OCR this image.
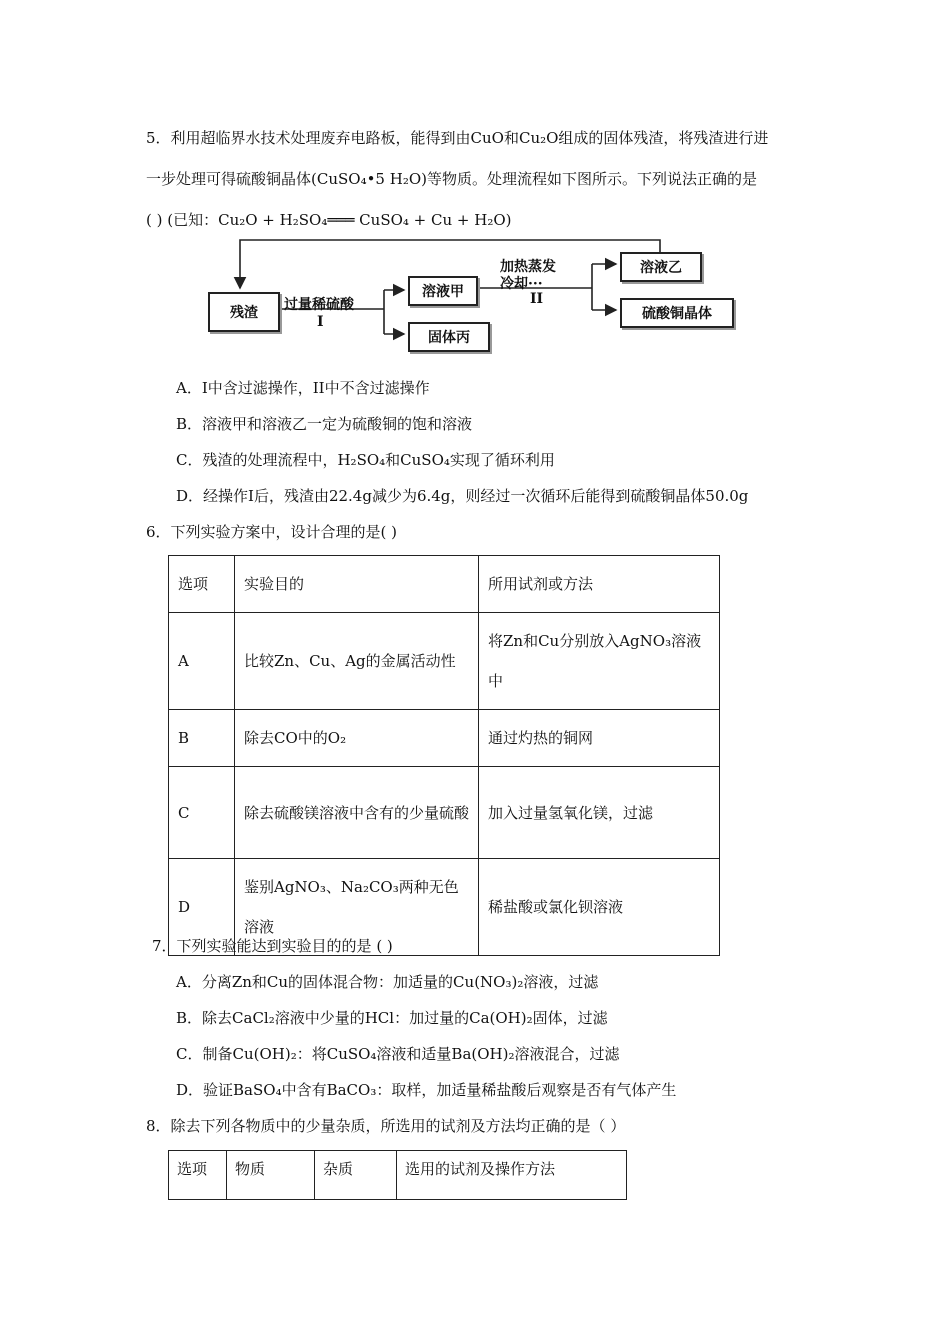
5．利用超临界水技术处理废弃电路板，能得到由CuO和Cu₂O组成的固体残渣，将残渣进行进
一步处理可得硫酸铜晶体(CuSO₄•5 H₂O)等物质。处理流程如下图所示。下列说法正确的是
( ) (已知：Cu₂O + H₂SO₄═══ CuSO₄ + Cu + H₂O)
残渣	过量稀硫酸
I
溶液甲
固体丙
加热蒸发
冷却···
II
溶液乙
硫酸铜晶体
A．I中含过滤操作，II中不含过滤操作
B．溶液甲和溶液乙一定为硫酸铜的饱和溶液
C．残渣的处理流程中，H₂SO₄和CuSO₄实现了循环利用
D．经操作I后，残渣由22.4g减少为6.4g，则经过一次循环后能得到硫酸铜晶体50.0g
6．下列实验方案中，设计合理的是( )
选项	实验目的	所用试剂或方法
A	比较Zn、Cu、Ag的金属活动性	将Zn和Cu分别放入AgNO₃溶液中
B	除去CO中的O₂	通过灼热的铜网
C	除去硫酸镁溶液中含有的少量硫酸	加入过量氢氧化镁，过滤
D	鉴别AgNO₃、Na₂CO₃两种无色溶液	稀盐酸或氯化钡溶液
7．下列实验能达到实验目的的是 ( )
A．分离Zn和Cu的固体混合物：加适量的Cu(NO₃)₂溶液，过滤
B．除去CaCl₂溶液中少量的HCl：加过量的Ca(OH)₂固体，过滤
C．制备Cu(OH)₂：将CuSO₄溶液和适量Ba(OH)₂溶液混合，过滤
D．验证BaSO₄中含有BaCO₃：取样，加适量稀盐酸后观察是否有气体产生
8．除去下列各物质中的少量杂质，所选用的试剂及方法均正确的是（ ）
选项	物质	杂质	选用的试剂及操作方法
